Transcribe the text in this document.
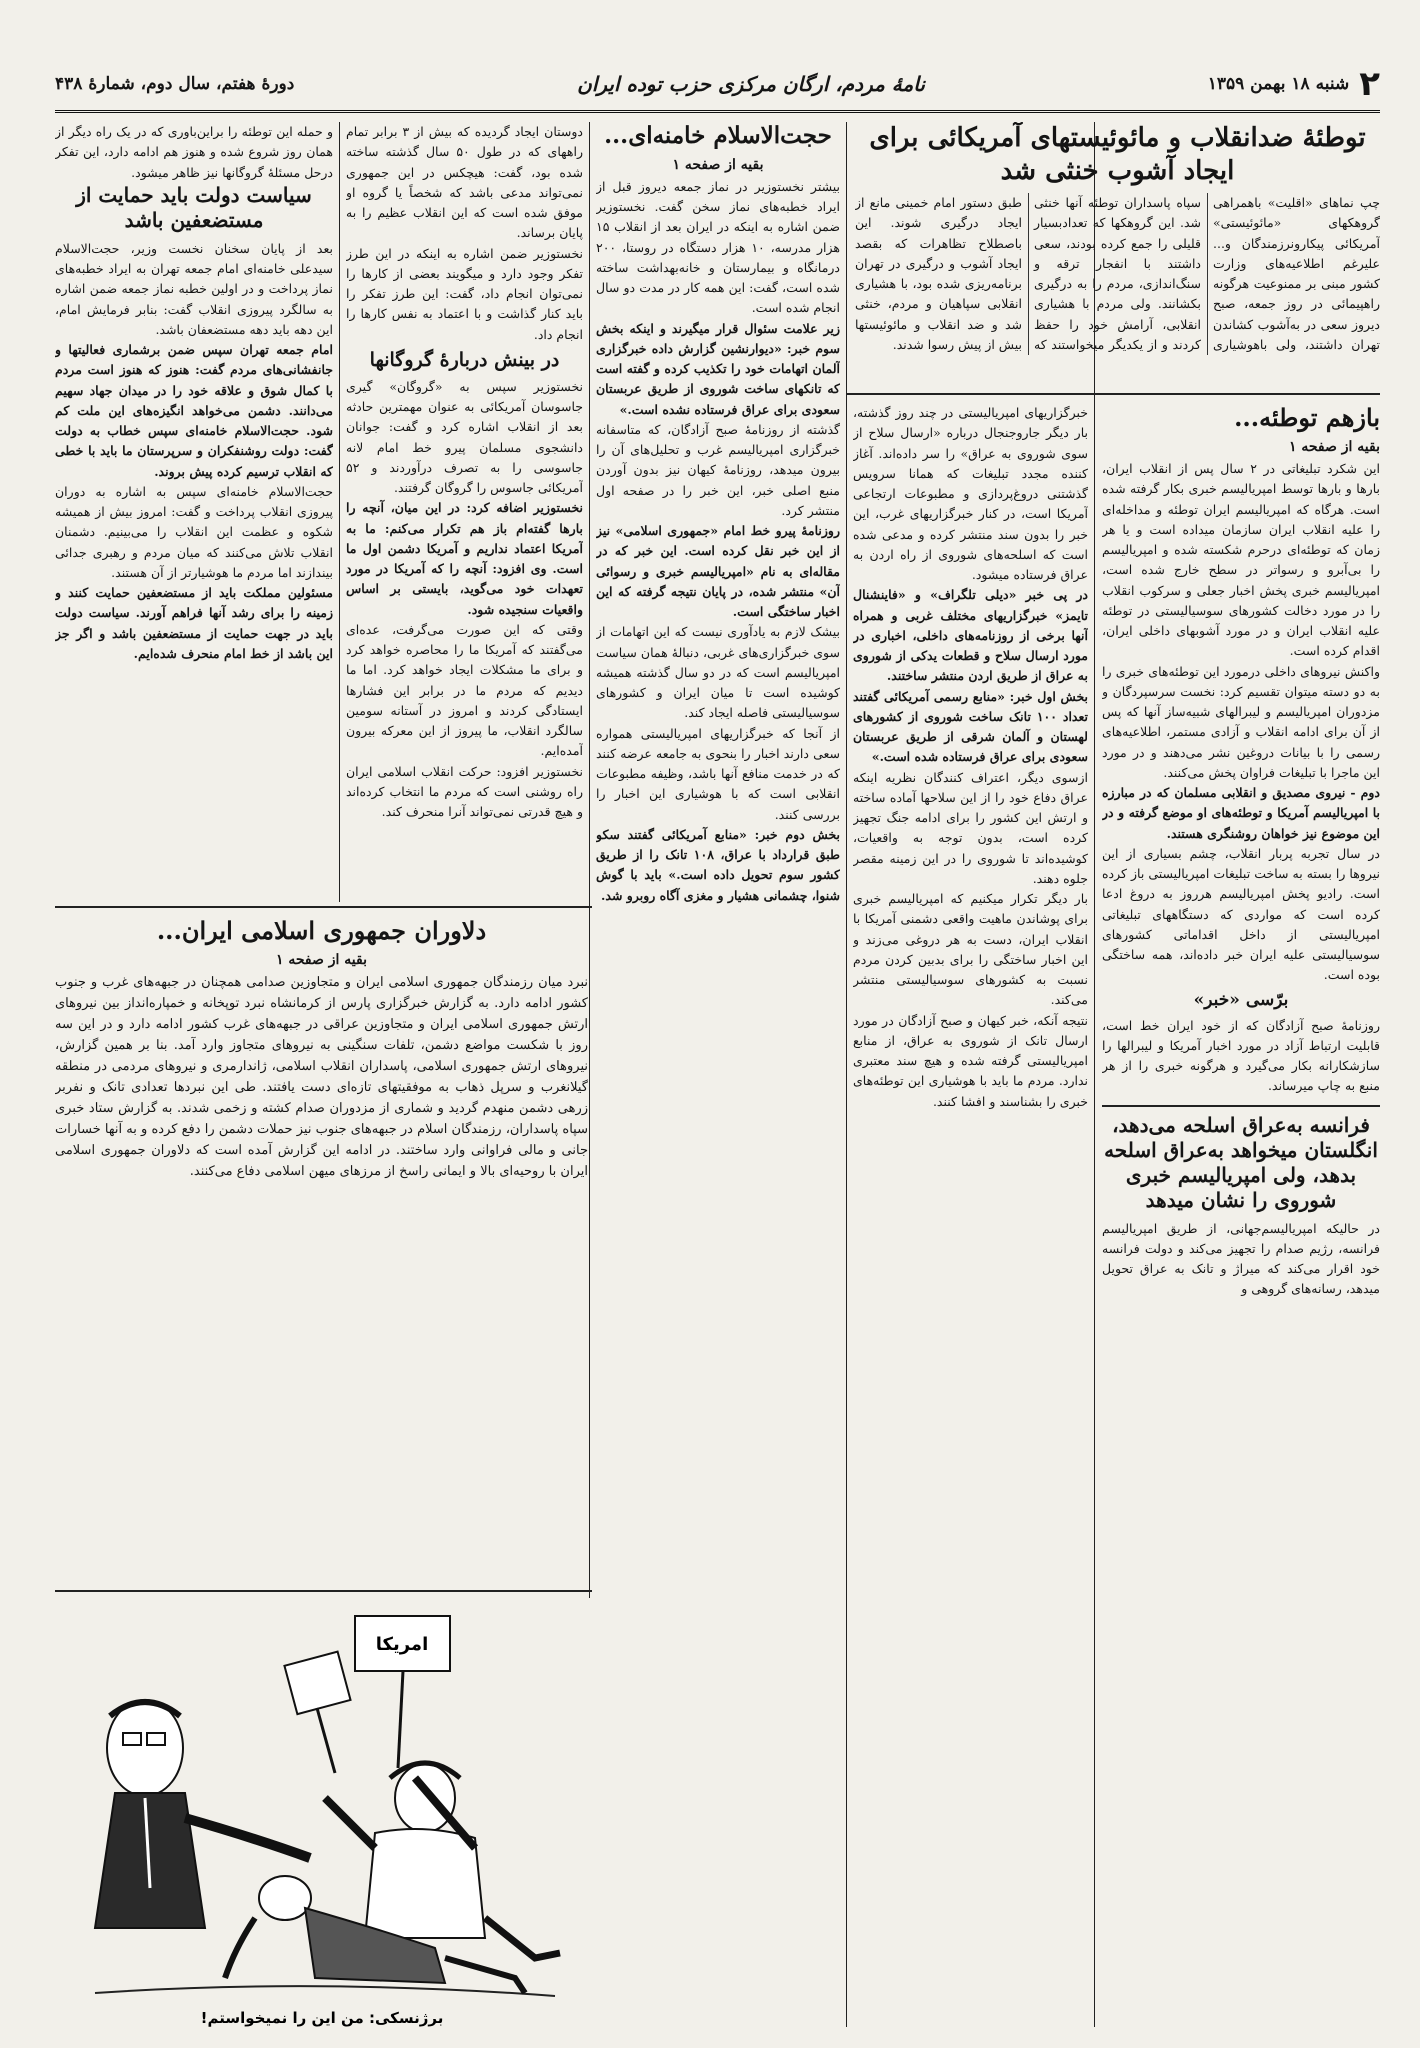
۲
شنبه ۱۸ بهمن ۱۳۵۹
نامهٔ مردم، ارگان مرکزی حزب توده ایران
دورهٔ هفتم، سال دوم، شمارهٔ ۴۳۸
توطئهٔ ضدانقلاب و مائوئیستهای آمریکائی برای ایجاد آشوب خنثی شد

چپ نماهای «اقلیت» باهمراهی گروهکهای «مائوئیستی» آمریکائی پیکارونرزمندگان و... علیرغم اطلاعیه‌های وزارت کشور مبنی بر ممنوعیت هرگونه راهپیمائی در روز جمعه، صبح دیروز سعی در به‌آشوب کشاندن تهران داشتند، ولی باهوشیاری سپاه پاسداران توطئه آنها خنثی شد. این گروهکها که تعدادبسیار قلیلی را جمع کرده بودند، سعی داشتند با انفجار ترقه و سنگ‌اندازی، مردم را به درگیری بکشانند. ولی مردم با هشیاری انقلابی، آرامش خود را حفظ کردند و از یکدیگر میخواستند که طبق دستور امام خمینی مانع از ایجاد درگیری شوند. این باصطلاح تظاهرات که بقصد ایجاد آشوب و درگیری در تهران برنامه‌ریزی شده بود، با هشیاری انقلابی سپاهیان و مردم، خنثی شد و ضد انقلاب و مائوئیستها بیش از پیش رسوا شدند.

بازهم توطئه...
بقیه از صفحه ۱

این شکرد تبلیغاتی در ۲ سال پس از انقلاب ایران، بارها و بارها توسط امپریالیسم خبری بکار گرفته شده است. هرگاه که امپریالیسم ایران توطئه و مداخله‌ای را علیه انقلاب ایران سازمان میداده است و یا هر زمان که توطئه‌ای درحرم شکسته شده و امپریالیسم را بی‌آبرو و رسواتر در سطح خارج شده است، امپریالیسم خبری پخش اخبار جعلی و سرکوب انقلاب را در مورد دخالت کشورهای سوسیالیستی در توطئه علیه انقلاب ایران و در مورد آشوبهای داخلی ایران، اقدام کرده است.

واکنش نیروهای داخلی درمورد این توطئه‌های خبری را به دو دسته میتوان تقسیم کرد: نخست سرسپردگان و مزدوران امپریالیسم و لیبرالهای شبیه‌ساز آنها که پس از آن برای ادامه انقلاب و آزادی مستمر، اطلاعیه‌های رسمی را با بیانات دروغین نشر می‌دهند و در مورد این ماجرا با تبلیغات فراوان پخش می‌کنند.

دوم - نیروی مصدیق و انقلابی مسلمان که در مبارزه با امپریالیسم آمریکا و توطئه‌های او موضع گرفته و در این موضوع نیز خواهان روشنگری هستند.

در سال تجربه پربار انقلاب، چشم بسیاری از این نیروها را بسته به ساخت تبلیغات امپریالیستی باز کرده است. رادیو پخش امپریالیسم هرروز به دروغ ادعا کرده است که مواردی که دستگاههای تبلیغاتی امپریالیستی از داخل اقداماتی کشورهای سوسیالیستی علیه ایران خبر داده‌اند، همه ساختگی بوده است.

برّسی «خبر»

روزنامهٔ صبح آزادگان که از خود ایران خط است، قابلیت ارتباط آزاد در مورد اخبار آمریکا و لیبرالها را سازشکارانه بکار می‌گیرد و هرگونه خبری را از هر منبع به چاپ میرساند.

فرانسه به‌عراق اسلحه می‌دهد، انگلستان میخواهد به‌عراق اسلحه بدهد، ولی امپریالیسم خبری شوروی را نشان میدهد

در حالیکه امپریالیسم‌جهانی، از طریق امپریالیسم فرانسه، رژیم صدام را تجهیز می‌کند و دولت فرانسه خود اقرار می‌کند که میراژ و تانک به عراق تحویل میدهد، رسانه‌های گروهی و

خبرگزاریهای امپریالیستی در چند روز گذشته، بار دیگر جاروجنجال درباره «ارسال سلاح از سوی شوروی به عراق» را سر داده‌اند. آغاز کننده مجدد تبلیغات که همانا سرویس گذشتنی دروغ‌پردازی و مطبوعات ارتجاعی آمریکا است، در کنار خبرگزاریهای غرب، این خبر را بدون سند منتشر کرده و مدعی شده است که اسلحه‌های شوروی از راه اردن به عراق فرستاده میشود.

در پی خبر «دیلی تلگراف» و «فاینشنال تایمز» خبرگزاریهای مختلف غربی و همراه آنها برخی از روزنامه‌های داخلی، اخباری در مورد ارسال سلاح و قطعات یدکی از شوروی به عراق از طریق اردن منتشر ساختند.

بخش اول خبر: «منابع رسمی آمریکائی گفتند تعداد ۱۰۰ تانک ساخت شوروی از کشورهای لهستان و آلمان شرقی از طریق عربستان سعودی برای عراق فرستاده شده است.»

ازسوی دیگر، اعتراف کنندگان نظریه اینکه عراق دفاع خود را از این سلاحها آماده ساخته و ارتش این کشور را برای ادامه جنگ تجهیز کرده است، بدون توجه به واقعیات، کوشیده‌اند تا شوروی را در این زمینه مقصر جلوه دهند.

بار دیگر تکرار میکنیم که امپریالیسم خبری برای پوشاندن ماهیت واقعی دشمنی آمریکا با انقلاب ایران، دست به هر دروغی می‌زند و این اخبار ساختگی را برای بدبین کردن مردم نسبت به کشورهای سوسیالیستی منتشر می‌کند.

نتیجه آنکه، خبر کیهان و صبح آزادگان در مورد ارسال تانک از شوروی به عراق، از منابع امپریالیستی گرفته شده و هیچ سند معتبری ندارد. مردم ما باید با هوشیاری این توطئه‌های خبری را بشناسند و افشا کنند.

حجت‌الاسلام خامنه‌ای...
بقیه از صفحه ۱

بیشتر نخستوزیر در نماز جمعه دیروز قبل از ایراد خطبه‌های نماز سخن گفت. نخستوزیر ضمن اشاره به اینکه در ایران بعد از انقلاب ۱۵ هزار مدرسه، ۱۰ هزار دستگاه در روستا، ۲۰۰ درمانگاه و بیمارستان و خانه‌بهداشت ساخته شده است، گفت: این همه کار در مدت دو سال انجام شده است.

زیر علامت سئوال قرار میگیرند و اینکه بخش سوم خبر: «دیوارنشین گزارش داده خبرگزاری آلمان اتهامات خود را تکذیب کرده و گفته است که تانکهای ساخت شوروی از طریق عربستان سعودی برای عراق فرستاده نشده است.»

گذشته از روزنامهٔ صبح آزادگان، که متاسفانه خبرگزاری امپریالیسم غرب و تحلیل‌های آن را بیرون میدهد، روزنامهٔ کیهان نیز بدون آوردن منبع اصلی خبر، این خبر را در صفحه اول منتشر کرد.

روزنامهٔ پیرو خط امام «جمهوری اسلامی» نیز از این خبر نقل کرده است. این خبر که در مقاله‌ای به نام «امپریالیسم خبری و رسوائی آن» منتشر شده، در پایان نتیجه گرفته که این اخبار ساختگی است.

بیشک لازم به یادآوری نیست که این اتهامات از سوی خبرگزاری‌های غربی، دنبالهٔ همان سیاست امپریالیسم است که در دو سال گذشته همیشه کوشیده است تا میان ایران و کشورهای سوسیالیستی فاصله ایجاد کند.

از آنجا که خبرگزاریهای امپریالیستی همواره سعی دارند اخبار را بنحوی به جامعه عرضه کنند که در خدمت منافع آنها باشد، وظیفه مطبوعات انقلابی است که با هوشیاری این اخبار را بررسی کنند.

بخش دوم خبر: «منابع آمریکائی گفتند سکو طبق قرارداد با عراق، ۱۰۸ تانک را از طریق کشور سوم تحویل داده است.» باید با گوش شنوا، چشمانی هشیار و مغزی آگاه روبرو شد.

دوستان ایجاد گردیده که بیش از ۳ برابر تمام راههای که در طول ۵۰ سال گذشته ساخته شده بود، گفت: هیچکس در این جمهوری نمی‌تواند مدعی باشد که شخصاً یا گروه او موفق شده است که این انقلاب عظیم را به پایان برساند.

نخستوزیر ضمن اشاره به اینکه در این طرز تفکر وجود دارد و میگویند بعضی از کارها را نمی‌توان انجام داد، گفت: این طرز تفکر را باید کنار گذاشت و با اعتماد به نفس کارها را انجام داد.

در بینش دربارهٔ گروگانها

نخستوزیر سپس به «گروگان» گیری جاسوسان آمریکائی به عنوان مهمترین حادثه بعد از انقلاب اشاره کرد و گفت: جوانان دانشجوی مسلمان پیرو خط امام لانه جاسوسی را به تصرف درآوردند و ۵۲ آمریکائی جاسوس را گروگان گرفتند.

نخستوزیر اضافه کرد: در این میان، آنچه را بارها گفته‌ام باز هم تکرار می‌کنم: ما به آمریکا اعتماد نداریم و آمریکا دشمن اول ما است. وی افزود: آنچه را که آمریکا در مورد تعهدات خود می‌گوید، بایستی بر اساس واقعیات سنجیده شود.

وقتی که این صورت می‌گرفت، عده‌ای می‌گفتند که آمریکا ما را محاصره خواهد کرد و برای ما مشکلات ایجاد خواهد کرد. اما ما دیدیم که مردم ما در برابر این فشارها ایستادگی کردند و امروز در آستانه سومین سالگرد انقلاب، ما پیروز از این معرکه بیرون آمده‌ایم.

نخستوزیر افزود: حرکت انقلاب اسلامی ایران راه روشنی است که مردم ما انتخاب کرده‌اند و هیچ قدرتی نمی‌تواند آنرا منحرف کند.

و حمله این توطئه را براین‌باوری که در یک راه دیگر از همان روز شروع شده و هنوز هم ادامه دارد، این تفکر درحل مسئلهٔ گروگانها نیز ظاهر میشود.

سیاست دولت باید حمایت از مستضعفین باشد

بعد از پایان سخنان نخست وزیر، حجت‌الاسلام سیدعلی خامنه‌ای امام جمعه تهران به ایراد خطبه‌های نماز پرداخت و در اولین خطبه نماز جمعه ضمن اشاره به سالگرد پیروزی انقلاب گفت: بنابر فرمایش امام، این دهه باید دهه مستضعفان باشد.

امام جمعه تهران سپس ضمن برشماری فعالیتها و جانفشانی‌های مردم گفت: هنوز که هنوز است مردم با کمال شوق و علاقه خود را در میدان جهاد سهیم می‌دانند. دشمن می‌خواهد انگیزه‌های این ملت کم شود. حجت‌الاسلام خامنه‌ای سپس خطاب به دولت گفت: دولت روشنفکران و سرپرستان ما باید با خطی که انقلاب ترسیم کرده پیش بروند.

حجت‌الاسلام خامنه‌ای سپس به اشاره به دوران پیروزی انقلاب پرداخت و گفت: امروز بیش از همیشه شکوه و عظمت این انقلاب را می‌بینیم. دشمنان انقلاب تلاش می‌کنند که میان مردم و رهبری جدائی بیندازند اما مردم ما هوشیارتر از آن هستند.

مسئولین مملکت باید از مستضعفین حمایت کنند و زمینه را برای رشد آنها فراهم آورند. سیاست دولت باید در جهت حمایت از مستضعفین باشد و اگر جز این باشد از خط امام منحرف شده‌ایم.

دلاوران جمهوری اسلامی ایران...
بقیه از صفحه ۱

نبرد میان رزمندگان جمهوری اسلامی ایران و متجاوزین صدامی همچنان در جبهه‌های غرب و جنوب کشور ادامه دارد. به گزارش خبرگزاری پارس از کرمانشاه نبرد توپخانه و خمپاره‌انداز بین نیروهای ارتش جمهوری اسلامی ایران و متجاوزین عراقی در جبهه‌های غرب کشور ادامه دارد و در این سه روز با شکست مواضع دشمن، تلفات سنگینی به نیروهای متجاوز وارد آمد. بنا بر همین گزارش، نیروهای ارتش جمهوری اسلامی، پاسداران انقلاب اسلامی، ژاندارمری و نیروهای مردمی در منطقه گیلانغرب و سرپل ذهاب به موفقیتهای تازه‌ای دست یافتند. طی این نبردها تعدادی تانک و نفربر زرهی دشمن منهدم گردید و شماری از مزدوران صدام کشته و زخمی شدند. به گزارش ستاد خبری سپاه پاسداران، رزمندگان اسلام در جبهه‌های جنوب نیز حملات دشمن را دفع کرده و به آنها خسارات جانی و مالی فراوانی وارد ساختند. در ادامه این گزارش آمده است که دلاوران جمهوری اسلامی ایران با روحیه‌ای بالا و ایمانی راسخ از مرزهای میهن اسلامی دفاع می‌کنند.

امریکا
برژنسکی: من این را نمیخواستم!
